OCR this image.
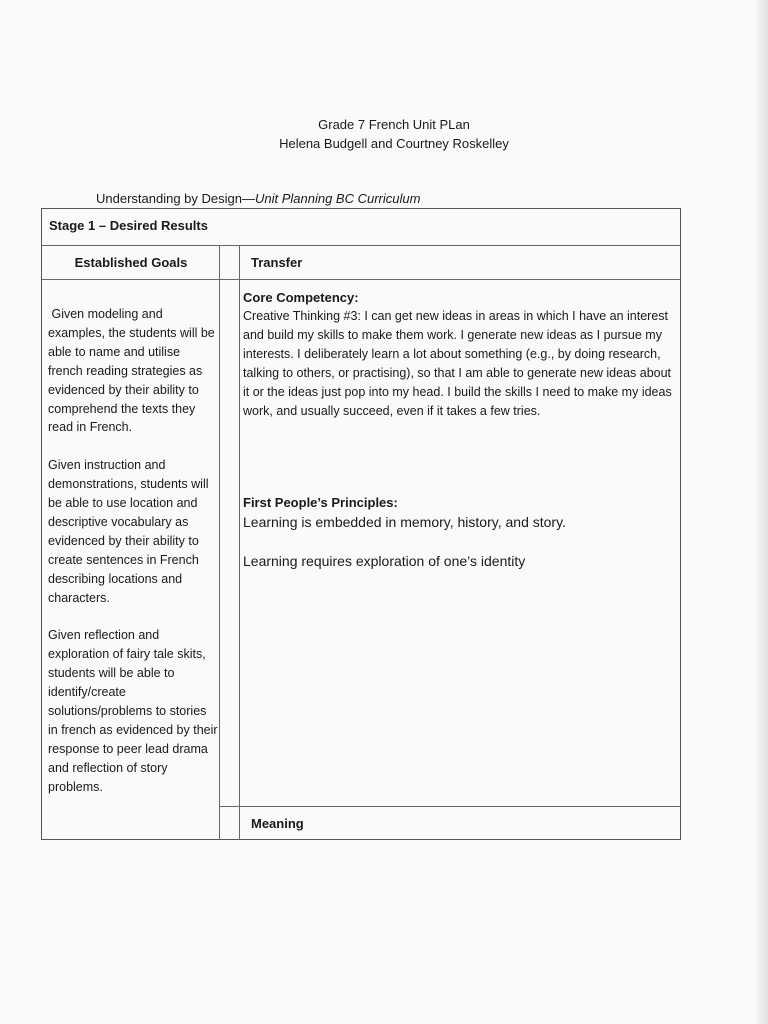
Grade 7 French Unit PLan
Helena Budgell and Courtney Roskelley
Understanding by Design—Unit Planning BC Curriculum
Stage 1 – Desired Results
Established Goals	Transfer

Given modeling and examples, the students will be able to name and utilise french reading strategies as evidenced by their ability to comprehend the texts they read in French.

Given instruction and demonstrations, students will be able to use location and descriptive vocabulary as evidenced by their ability to create sentences in French describing locations and characters.

Given reflection and exploration of fairy tale skits, students will be able to identify/create solutions/problems to stories in french as evidenced by their response to peer lead drama and reflection of story problems.

Core Competency:

Creative Thinking #3: I can get new ideas in areas in which I have an interest and build my skills to make them work. I generate new ideas as I pursue my interests. I deliberately learn a lot about something (e.g., by doing research, talking to others, or practising), so that I am able to generate new ideas about it or the ideas just pop into my head. I build the skills I need to make my ideas work, and usually succeed, even if it takes a few tries.

First People’s Principles:
Learning is embedded in memory, history, and story.
Learning requires exploration of one’s identity
Meaning
